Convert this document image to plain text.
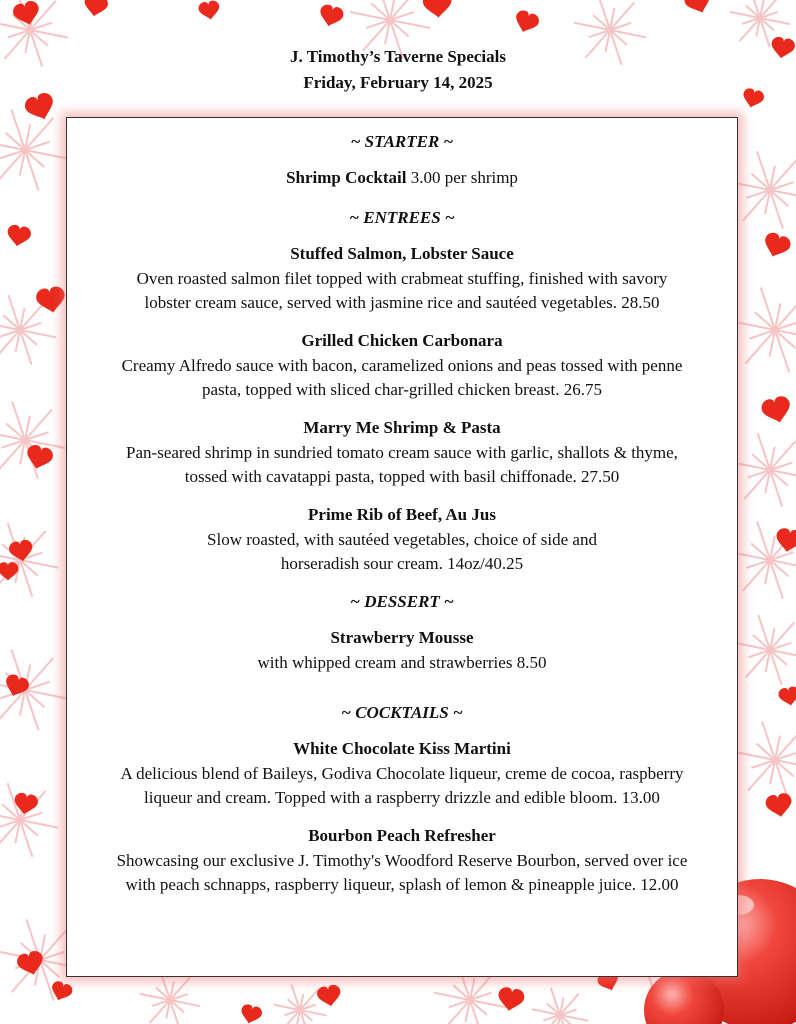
J. Timothy’s Taverne Specials
Friday, February 14, 2025
~ STARTER ~
Shrimp Cocktail 3.00 per shrimp
~ ENTREES ~
Stuffed Salmon, Lobster Sauce
Oven roasted salmon filet topped with crabmeat stuffing, finished with savory
lobster cream sauce, served with jasmine rice and sautéed vegetables. 28.50
Grilled Chicken Carbonara
Creamy Alfredo sauce with bacon, caramelized onions and peas tossed with penne
pasta, topped with sliced char-grilled chicken breast. 26.75
Marry Me Shrimp & Pasta
Pan-seared shrimp in sundried tomato cream sauce with garlic, shallots & thyme,
tossed with cavatappi pasta, topped with basil chiffonade. 27.50
Prime Rib of Beef, Au Jus
Slow roasted, with sautéed vegetables, choice of side and
horseradish sour cream. 14oz/40.25
~ DESSERT ~
Strawberry Mousse
with whipped cream and strawberries 8.50
~ COCKTAILS ~
White Chocolate Kiss Martini
A delicious blend of Baileys, Godiva Chocolate liqueur, creme de cocoa, raspberry
liqueur and cream. Topped with a raspberry drizzle and edible bloom. 13.00
Bourbon Peach Refresher
Showcasing our exclusive J. Timothy's Woodford Reserve Bourbon, served over ice
with peach schnapps, raspberry liqueur, splash of lemon & pineapple juice. 12.00
